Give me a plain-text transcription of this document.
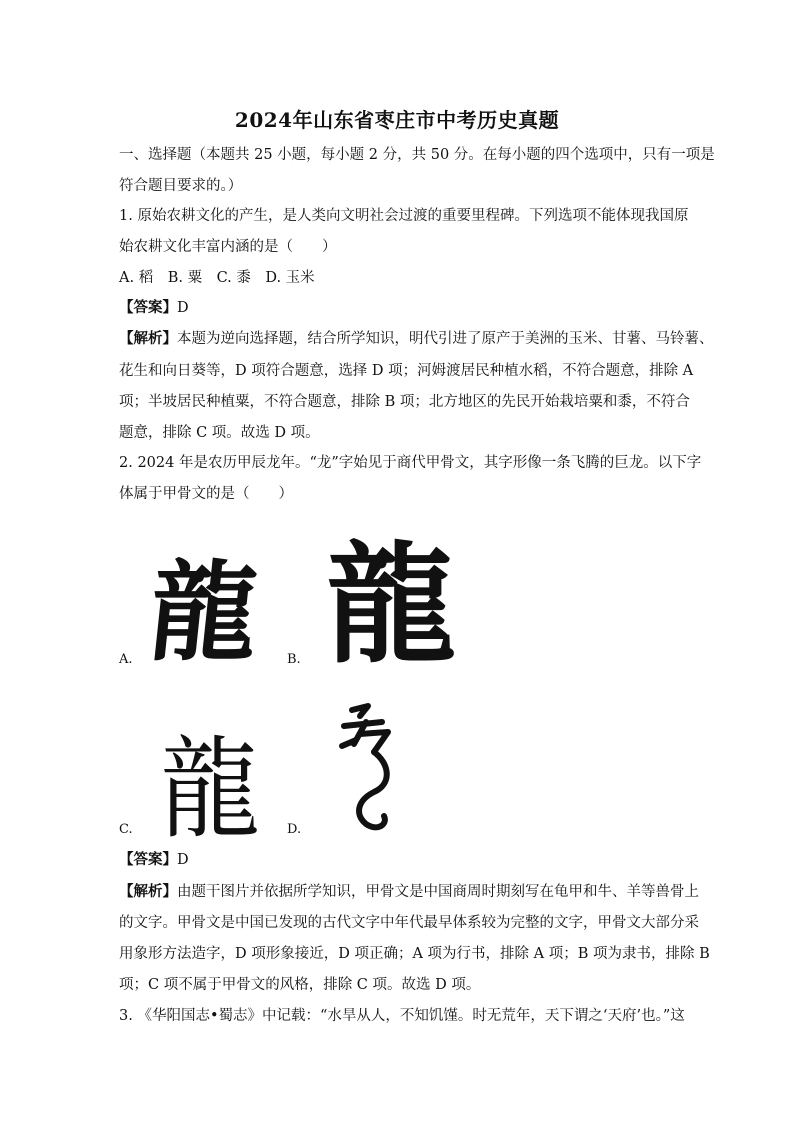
2024年山东省枣庄市中考历史真题
一、选择题（本题共 25 小题，每小题 2 分，共 50 分。在每小题的四个选项中，只有一项是
符合题目要求的。）
1. 原始农耕文化的产生，是人类向文明社会过渡的重要里程碑。下列选项不能体现我国原
始农耕文化丰富内涵的是（　　）
A. 稻　B. 粟　C. 黍　D. 玉米
【答案】D
【解析】本题为逆向选择题，结合所学知识，明代引进了原产于美洲的玉米、甘薯、马铃薯、
花生和向日葵等，D 项符合题意，选择 D 项；河姆渡居民种植水稻，不符合题意，排除 A
项；半坡居民种植粟，不符合题意，排除 B 项；北方地区的先民开始栽培粟和黍，不符合
题意，排除 C 项。故选 D 项。
2. 2024 年是农历甲辰龙年。“龙”字始见于商代甲骨文，其字形像一条飞腾的巨龙。以下字
体属于甲骨文的是（　　）
A. 龍 B. 龍
C. 龍 D.
【答案】D
【解析】由题干图片并依据所学知识，甲骨文是中国商周时期刻写在龟甲和牛、羊等兽骨上
的文字。甲骨文是中国已发现的古代文字中年代最早体系较为完整的文字，甲骨文大部分采
用象形方法造字，D 项形象接近，D 项正确；A 项为行书，排除 A 项；B 项为隶书，排除 B
项；C 项不属于甲骨文的风格，排除 C 项。故选 D 项。
3. 《华阳国志•蜀志》中记载：“水旱从人，不知饥馑。时无荒年，天下谓之‘天府’也。”这
